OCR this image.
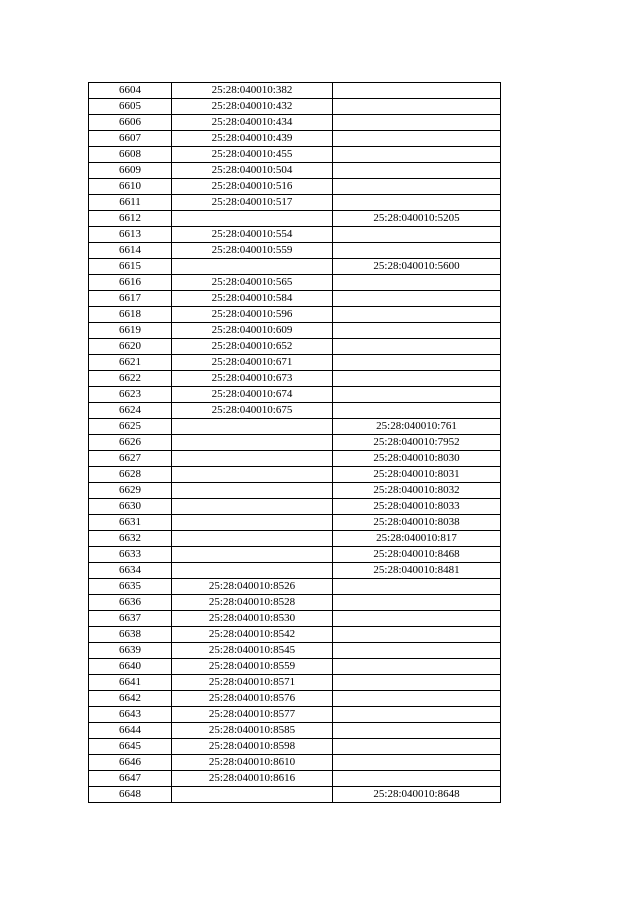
6604	25:28:040010:382	
6605	25:28:040010:432	
6606	25:28:040010:434	
6607	25:28:040010:439	
6608	25:28:040010:455	
6609	25:28:040010:504	
6610	25:28:040010:516	
6611	25:28:040010:517	
6612		25:28:040010:5205
6613	25:28:040010:554	
6614	25:28:040010:559	
6615		25:28:040010:5600
6616	25:28:040010:565	
6617	25:28:040010:584	
6618	25:28:040010:596	
6619	25:28:040010:609	
6620	25:28:040010:652	
6621	25:28:040010:671	
6622	25:28:040010:673	
6623	25:28:040010:674	
6624	25:28:040010:675	
6625		25:28:040010:761
6626		25:28:040010:7952
6627		25:28:040010:8030
6628		25:28:040010:8031
6629		25:28:040010:8032
6630		25:28:040010:8033
6631		25:28:040010:8038
6632		25:28:040010:817
6633		25:28:040010:8468
6634		25:28:040010:8481
6635	25:28:040010:8526	
6636	25:28:040010:8528	
6637	25:28:040010:8530	
6638	25:28:040010:8542	
6639	25:28:040010:8545	
6640	25:28:040010:8559	
6641	25:28:040010:8571	
6642	25:28:040010:8576	
6643	25:28:040010:8577	
6644	25:28:040010:8585	
6645	25:28:040010:8598	
6646	25:28:040010:8610	
6647	25:28:040010:8616	
6648		25:28:040010:8648
